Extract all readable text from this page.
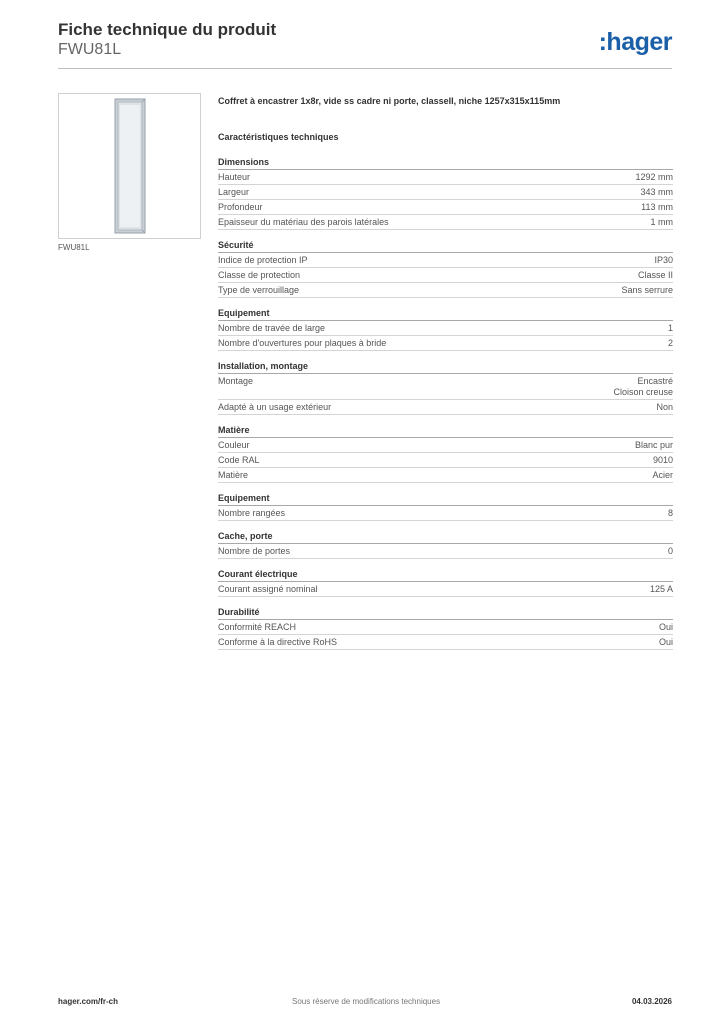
Fiche technique du produit
FWU81L	:hager
FWU81L
Coffret à encastrer 1x8r, vide ss cadre ni porte, classeII, niche 1257x315x115mm
Caractéristiques techniques
Dimensions
Hauteur	1292 mm
Largeur	343 mm
Profondeur	113 mm
Epaisseur du matériau des parois latérales	1 mm
Sécurité
Indice de protection IP	IP30
Classe de protection	Classe II
Type de verrouillage	Sans serrure
Equipement
Nombre de travée de large	1
Nombre d'ouvertures pour plaques à bride	2
Installation, montage
Montage	Encastré
Cloison creuse
Adapté à un usage extérieur	Non
Matière
Couleur	Blanc pur
Code RAL	9010
Matière	Acier
Equipement
Nombre rangées	8
Cache, porte
Nombre de portes	0
Courant électrique
Courant assigné nominal	125 A
Durabilité
Conformité REACH	Oui
Conforme à la directive RoHS	Oui
hager.com/fr-ch	Sous réserve de modifications techniques	04.03.2026
